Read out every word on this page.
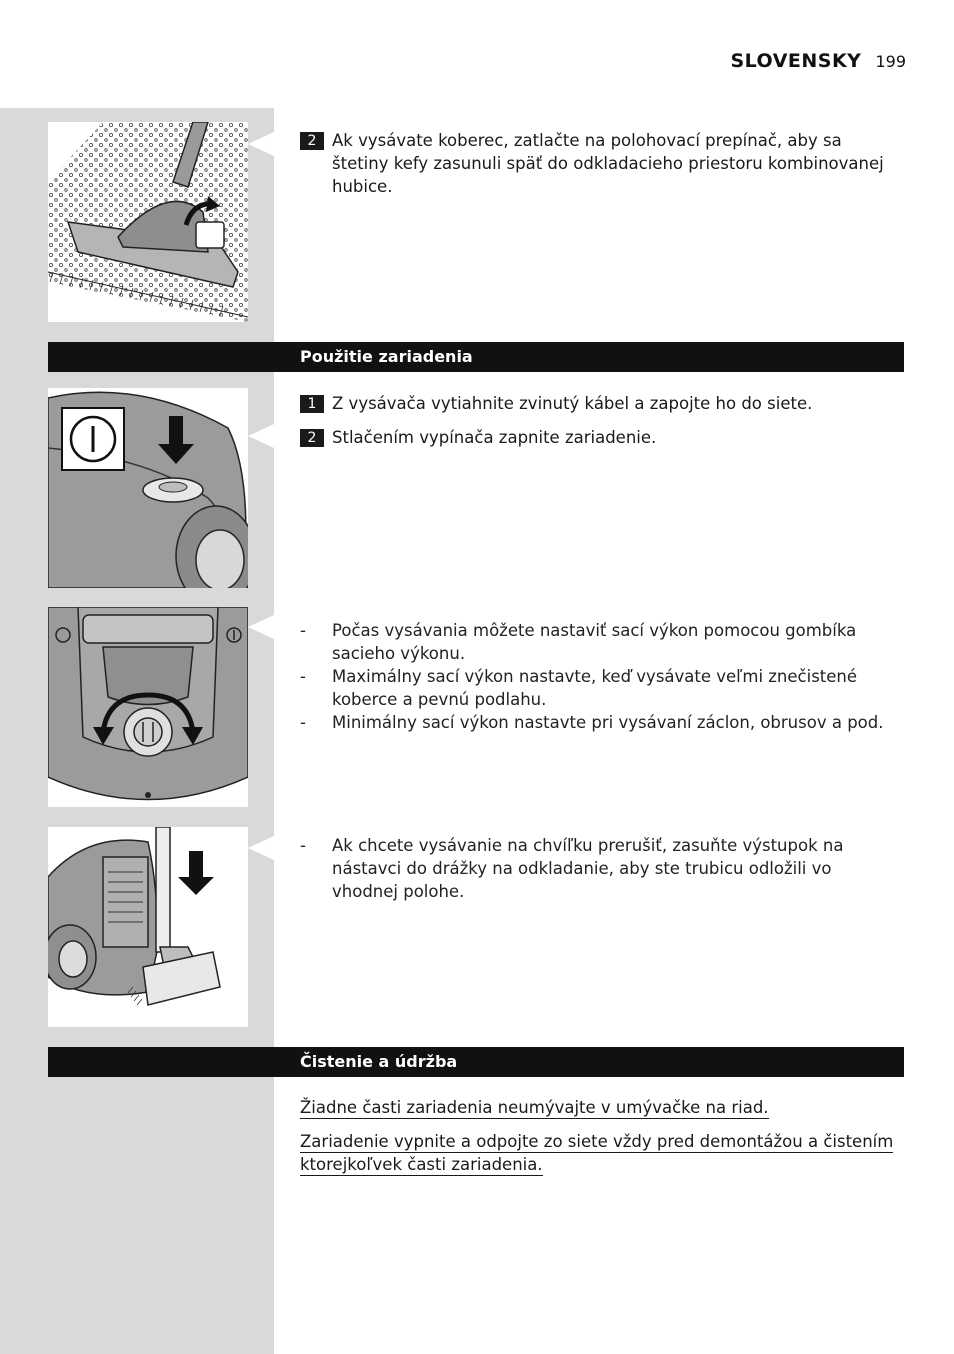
SLOVENSKY 199
2 Ak vysávate koberec, zatlačte na polohovací prepínač, aby sa štetiny kefy zasunuli späť do odkladacieho priestoru kombinovanej hubice.
Použitie zariadenia
1 Z vysávača vytiahnite zvinutý kábel a zapojte ho do siete.
2 Stlačením vypínača zapnite zariadenie.
- Počas vysávania môžete nastaviť sací výkon pomocou gombíka sacieho výkonu.
- Maximálny sací výkon nastavte, keď vysávate veľmi znečistené koberce a pevnú podlahu.
- Minimálny sací výkon nastavte pri vysávaní záclon, obrusov a pod.
- Ak chcete vysávanie na chvíľku prerušiť, zasuňte výstupok na nástavci do drážky na odkladanie, aby ste trubicu odložili vo vhodnej polohe.
Čistenie a údržba

Žiadne časti zariadenia neumývajte v umývačke na riad.

Zariadenie vypnite a odpojte zo siete vždy pred demontážou a čistením ktorejkoľvek časti zariadenia.
